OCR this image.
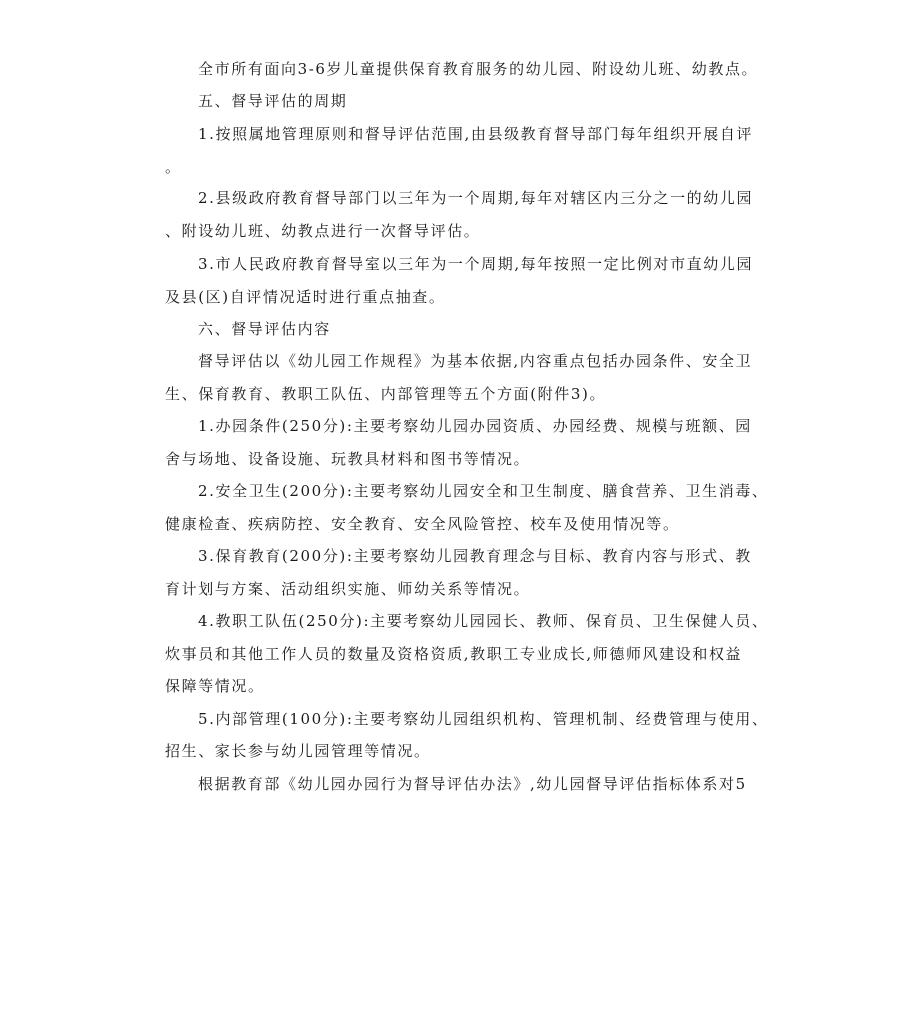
全市所有面向3-6岁儿童提供保育教育服务的幼儿园、附设幼儿班、幼教点。
五、督导评估的周期
1.按照属地管理原则和督导评估范围,由县级教育督导部门每年组织开展自评
。
2.县级政府教育督导部门以三年为一个周期,每年对辖区内三分之一的幼儿园
、附设幼儿班、幼教点进行一次督导评估。
3.市人民政府教育督导室以三年为一个周期,每年按照一定比例对市直幼儿园
及县(区)自评情况适时进行重点抽查。
六、督导评估内容
督导评估以《幼儿园工作规程》为基本依据,内容重点包括办园条件、安全卫
生、保育教育、教职工队伍、内部管理等五个方面(附件3)。
1.办园条件(250分):主要考察幼儿园办园资质、办园经费、规模与班额、园
舍与场地、设备设施、玩教具材料和图书等情况。
2.安全卫生(200分):主要考察幼儿园安全和卫生制度、膳食营养、卫生消毒、
健康检查、疾病防控、安全教育、安全风险管控、校车及使用情况等。
3.保育教育(200分):主要考察幼儿园教育理念与目标、教育内容与形式、教
育计划与方案、活动组织实施、师幼关系等情况。
4.教职工队伍(250分):主要考察幼儿园园长、教师、保育员、卫生保健人员、
炊事员和其他工作人员的数量及资格资质,教职工专业成长,师德师风建设和权益
保障等情况。
5.内部管理(100分):主要考察幼儿园组织机构、管理机制、经费管理与使用、
招生、家长参与幼儿园管理等情况。
根据教育部《幼儿园办园行为督导评估办法》,幼儿园督导评估指标体系对5
